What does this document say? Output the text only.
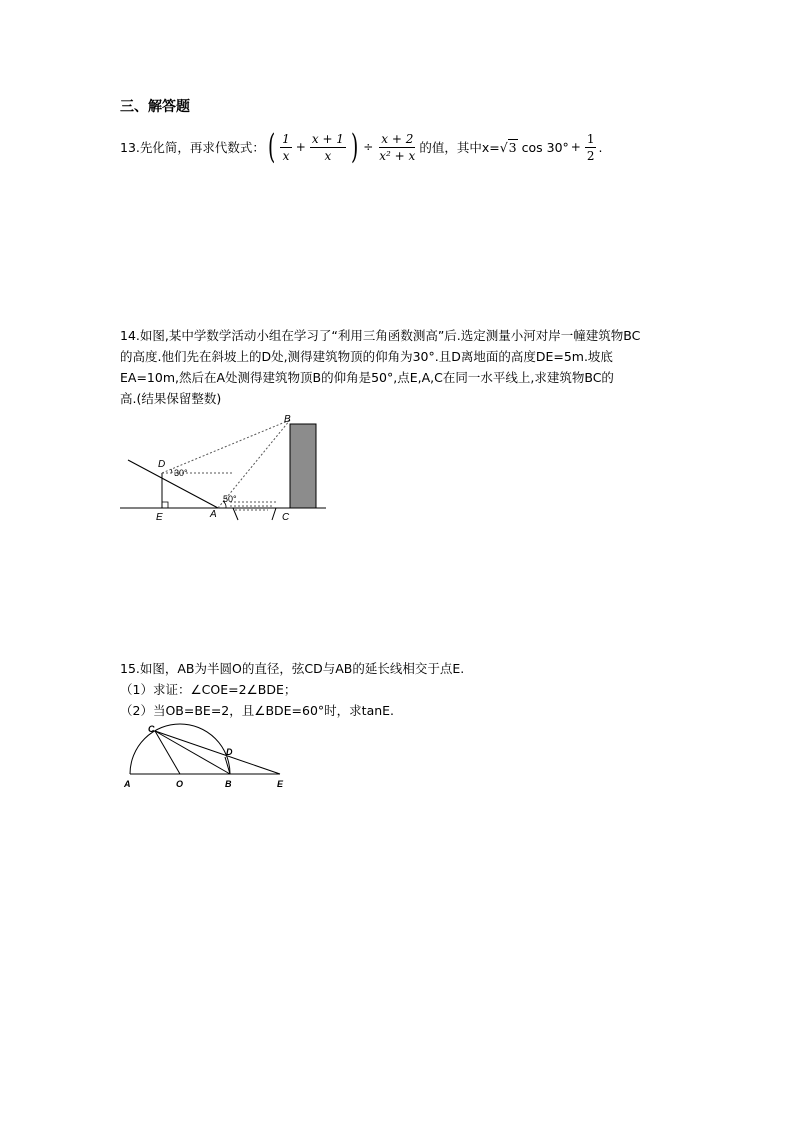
三、解答题
13.先化简，再求代数式： ( $\frac{1}{x} + \frac{x + 1}{x}$ ) ÷ $\frac{x + 2}{\text{x² + x}}$ 的值，其中x= √ 3 $\cos 30^\circ + \frac{1}{2}$ .
14.如图,某中学数学活动小组在学习了“利用三角函数测高”后.选定测量小河对岸一幢建筑物BC
的高度.他们先在斜坡上的D处,测得建筑物顶的仰角为30°.且D离地面的高度DE=5m.坡底
EA=10m,然后在A处测得建筑物顶B的仰角是50°,点E,A,C在同一水平线上,求建筑物BC的
高.(结果保留整数)
B
D
30°
50°
E	A	C
15.如图，AB为半圆O的直径，弦CD与AB的延长线相交于点E.
（1）求证：∠COE=2∠BDE；
（2）当OB=BE=2，且∠BDE=60°时，求tanE.
C
D
A	O	B	E
